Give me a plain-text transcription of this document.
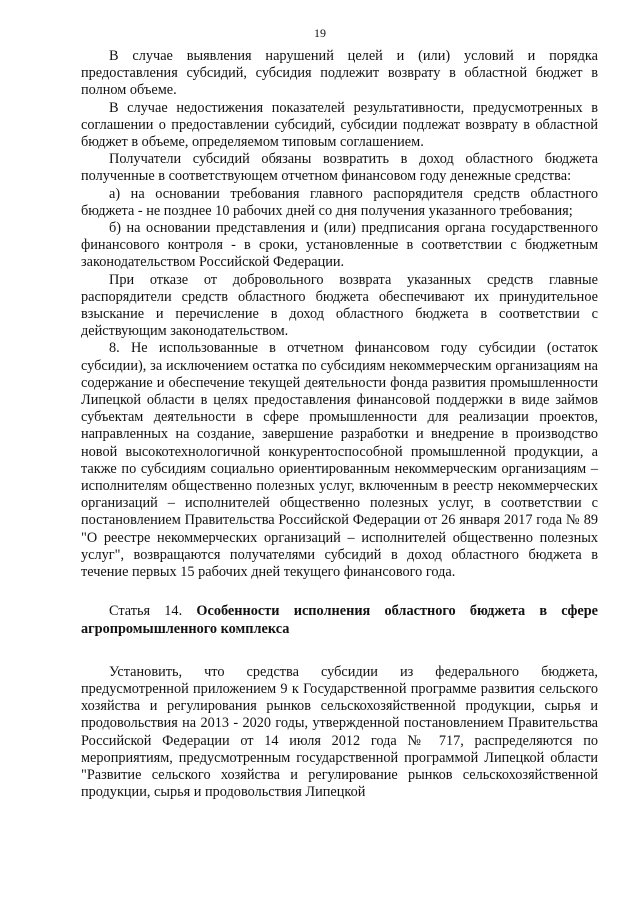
19

В случае выявления нарушений целей и (или) условий и порядка предоставления субсидий, субсидия подлежит возврату в областной бюджет в полном объеме.

В случае недостижения показателей результативности, предусмотренных в соглашении о предоставлении субсидий, субсидии подлежат возврату в областной бюджет в объеме, определяемом типовым соглашением.

Получатели субсидий обязаны возвратить в доход областного бюджета полученные в соответствующем отчетном финансовом году денежные средства:

а) на основании требования главного распорядителя средств областного бюджета - не позднее 10 рабочих дней со дня получения указанного требования;

б) на основании представления и (или) предписания органа государственного финансового контроля - в сроки, установленные в соответствии с бюджетным законодательством Российской Федерации.

При отказе от добровольного возврата указанных средств главные распорядители средств областного бюджета обеспечивают их принудительное взыскание и перечисление в доход областного бюджета в соответствии с действующим законодательством.

8. Не использованные в отчетном финансовом году субсидии (остаток субсидии), за исключением остатка по субсидиям некоммерческим организациям на содержание и обеспечение текущей деятельности фонда развития промышленности Липецкой области в целях предоставления финансовой поддержки в виде займов субъектам деятельности в сфере промышленности для реализации проектов, направленных на создание, завершение разработки и внедрение в производство новой высокотехнологичной конкурентоспособной промышленной продукции, а также по субсидиям социально ориентированным некоммерческим организациям – исполнителям общественно полезных услуг, включенным в реестр некоммерческих организаций – исполнителей общественно полезных услуг, в соответствии с постановлением Правительства Российской Федерации от 26 января 2017 года № 89 "О реестре некоммерческих организаций – исполнителей общественно полезных услуг", возвращаются получателями субсидий в доход областного бюджета в течение первых 15 рабочих дней текущего финансового года.

Статья 14. Особенности исполнения областного бюджета в сфере агропромышленного комплекса

Установить, что средства субсидии из федерального бюджета, предусмотренной приложением 9 к Государственной программе развития сельского хозяйства и регулирования рынков сельскохозяйственной продукции, сырья и продовольствия на 2013 - 2020 годы, утвержденной постановлением Правительства Российской Федерации от 14 июля 2012 года № 717, распределяются по мероприятиям, предусмотренным государственной программой Липецкой области "Развитие сельского хозяйства и регулирование рынков сельскохозяйственной продукции, сырья и продовольствия Липецкой
